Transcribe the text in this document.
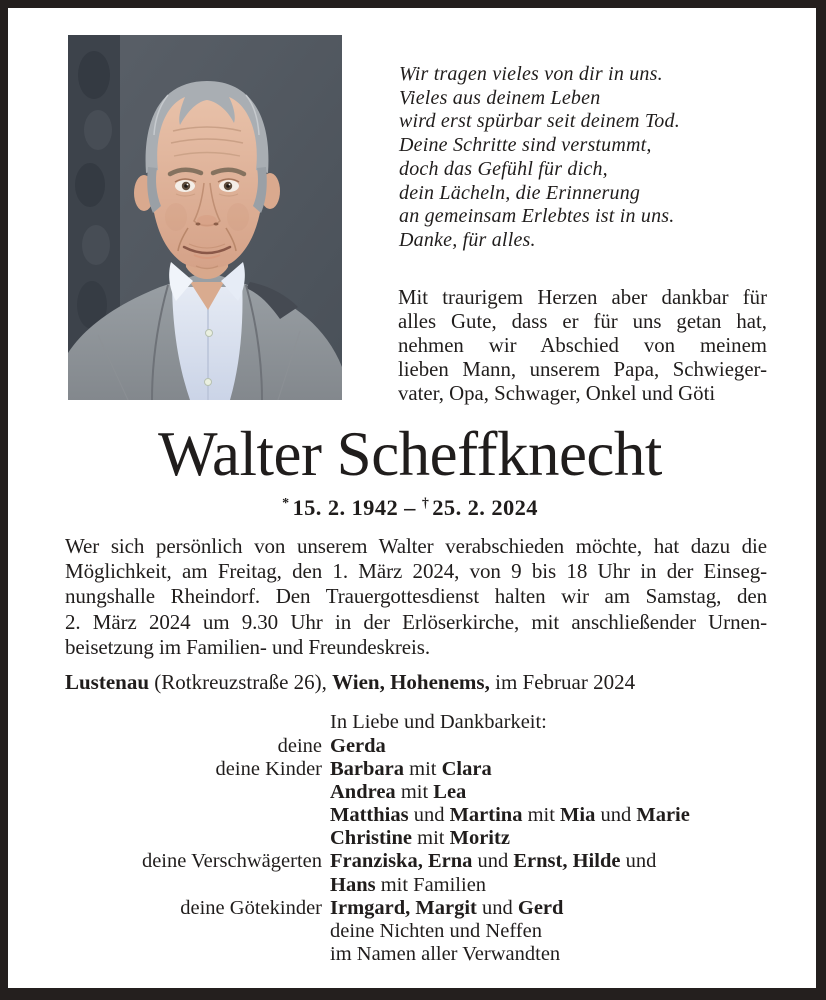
Wir tragen vieles von dir in uns.
Vieles aus deinem Leben
wird erst spürbar seit deinem Tod.
Deine Schritte sind verstummt,
doch das Gefühl für dich,
dein Lächeln, die Erinnerung
an gemeinsam Erlebtes ist in uns.
Danke, für alles.
Mit traurigem Herzen aber dankbar für
alles Gute, dass er für uns getan hat,
nehmen wir Abschied von meinem
lieben Mann, unserem Papa, Schwieger-
vater, Opa, Schwager, Onkel und Göti
Walter Scheffknecht
* 15. 2. 1942 – † 25. 2. 2024
Wer sich persönlich von unserem Walter verabschieden möchte, hat dazu die
Möglichkeit, am Freitag, den 1. März 2024, von 9 bis 18 Uhr in der Einseg-
nungshalle Rheindorf. Den Trauergottesdienst halten wir am Samstag, den
2. März 2024 um 9.30 Uhr in der Erlöserkirche, mit anschließender Urnen-
beisetzung im Familien- und Freundeskreis.
Lustenau (Rotkreuzstraße 26), Wien, Hohenems, im Februar 2024
In Liebe und Dankbarkeit:
deine Gerda
deine Kinder Barbara mit Clara
Andrea mit Lea
Matthias und Martina mit Mia und Marie
Christine mit Moritz
deine Verschwägerten Franziska, Erna und Ernst, Hilde und
Hans mit Familien
deine Götekinder Irmgard, Margit und Gerd
deine Nichten und Neffen
im Namen aller Verwandten
